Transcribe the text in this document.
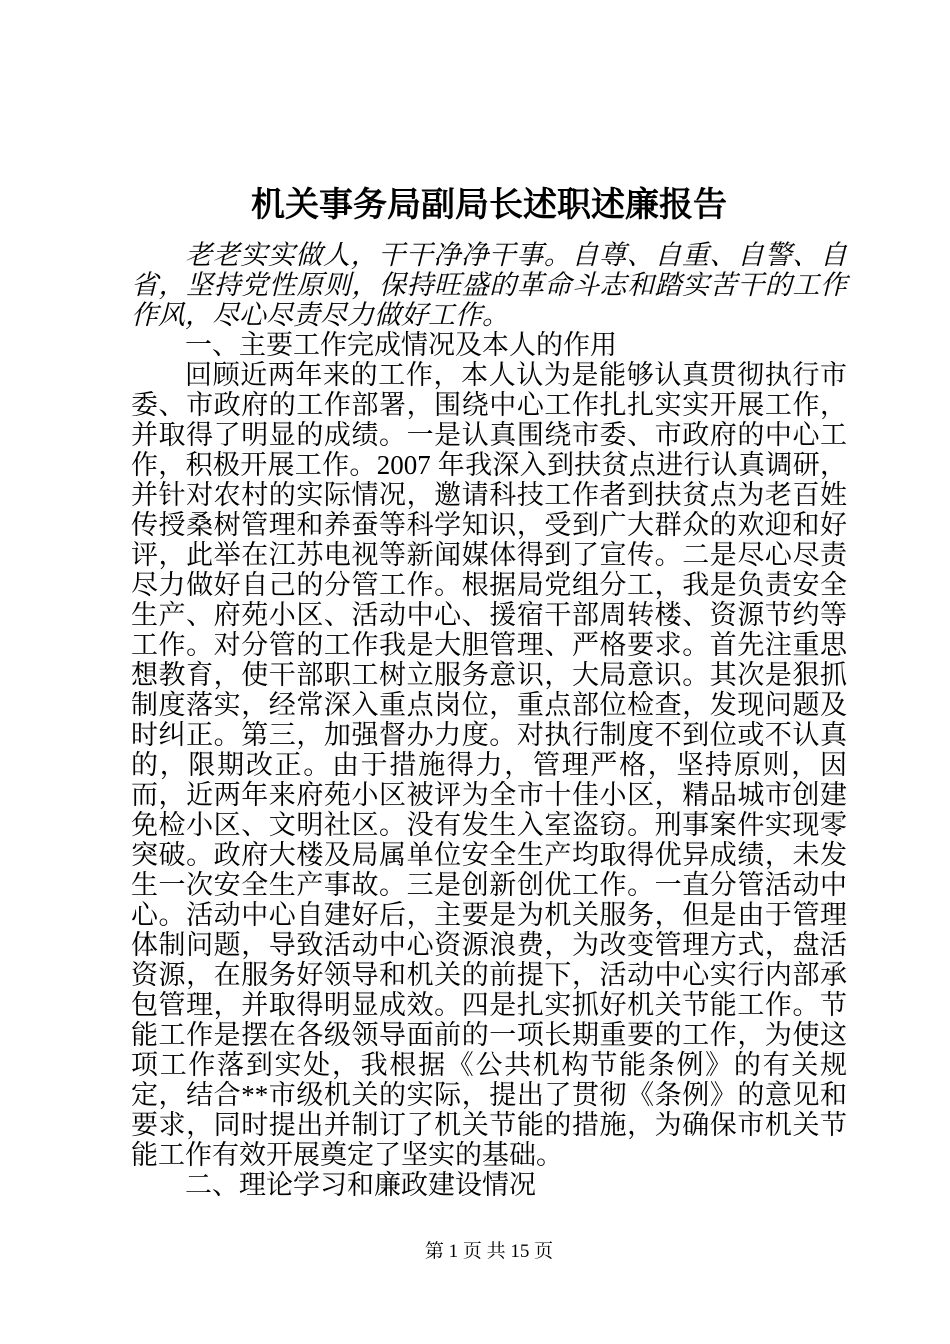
机关事务局副局长述职述廉报告

老老实实做人，干干净净干事。自尊、自重、自警、自省，坚持党性原则，保持旺盛的革命斗志和踏实苦干的工作作风，尽心尽责尽力做好工作。

一、主要工作完成情况及本人的作用

回顾近两年来的工作，本人认为是能够认真贯彻执行市委、市政府的工作部署，围绕中心工作扎扎实实开展工作，并取得了明显的成绩。一是认真围绕市委、市政府的中心工作，积极开展工作。2007 年我深入到扶贫点进行认真调研，并针对农村的实际情况，邀请科技工作者到扶贫点为老百姓传授桑树管理和养蚕等科学知识，受到广大群众的欢迎和好评，此举在江苏电视等新闻媒体得到了宣传。二是尽心尽责尽力做好自己的分管工作。根据局党组分工，我是负责安全生产、府苑小区、活动中心、援宿干部周转楼、资源节约等工作。对分管的工作我是大胆管理、严格要求。首先注重思想教育，使干部职工树立服务意识，大局意识。其次是狠抓制度落实，经常深入重点岗位，重点部位检查，发现问题及时纠正。第三，加强督办力度。对执行制度不到位或不认真的，限期改正。由于措施得力，管理严格，坚持原则，因而，近两年来府苑小区被评为全市十佳小区，精品城市创建免检小区、文明社区。没有发生入室盗窃。刑事案件实现零突破。政府大楼及局属单位安全生产均取得优异成绩，未发生一次安全生产事故。三是创新创优工作。一直分管活动中心。活动中心自建好后，主要是为机关服务，但是由于管理体制问题，导致活动中心资源浪费，为改变管理方式，盘活资源，在服务好领导和机关的前提下，活动中心实行内部承包管理，并取得明显成效。四是扎实抓好机关节能工作。节能工作是摆在各级领导面前的一项长期重要的工作，为使这项工作落到实处，我根据《公共机构节能条例》的有关规定，结合**市级机关的实际，提出了贯彻《条例》的意见和要求，同时提出并制订了机关节能的措施，为确保市机关节能工作有效开展奠定了坚实的基础。

二、理论学习和廉政建设情况

第 1 页 共 15 页
